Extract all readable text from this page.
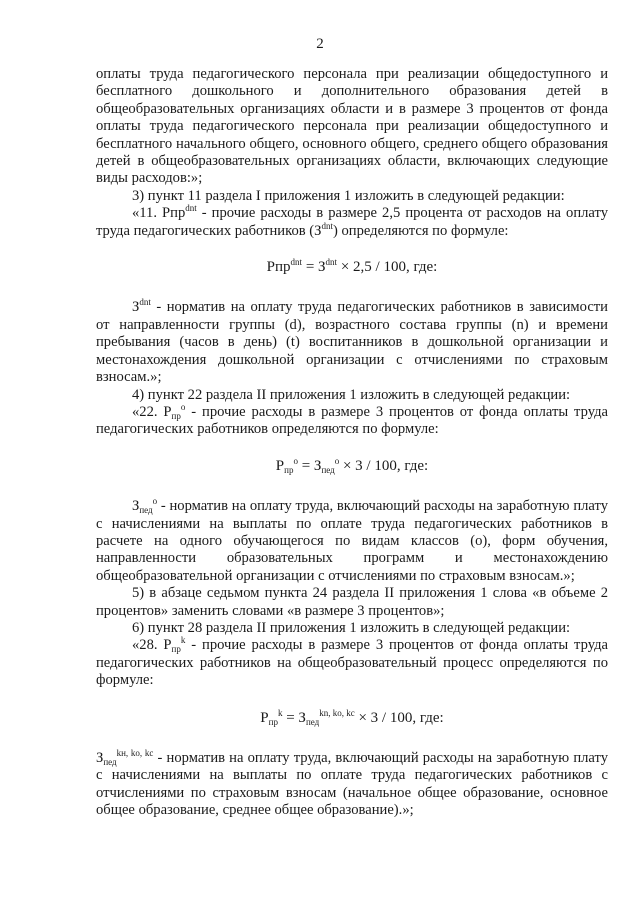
2

оплаты труда педагогического персонала при реализации общедоступного и бесплатного дошкольного и дополнительного образования детей в общеобразовательных организациях области и в размере 3 процентов от фонда оплаты труда педагогического персонала при реализации общедоступного и бесплатного начального общего, основного общего, среднего общего образования детей в общеобразовательных организациях области, включающих следующие виды расходов:»;

3) пункт 11 раздела I приложения 1 изложить в следующей редакции:

«11. Рпр$^{dnt}$ - прочие расходы в размере 2,5 процента от расходов на оплату труда педагогических работников $(З^{dnt})$ определяются по формуле:

$Рпр^{dnt} = З^{dnt} \times 2,5 / 100$, где:

$З^{dnt}$ - норматив на оплату труда педагогических работников в зависимости от направленности группы (d), возрастного состава группы (n) и времени пребывания (часов в день) (t) воспитанников в дошкольной организации и местонахождения дошкольной организации с отчислениями по страховым взносам.»;

4) пункт 22 раздела II приложения 1 изложить в следующей редакции:

«22. $Р_{пр}^о$ - прочие расходы в размере 3 процентов от фонда оплаты труда педагогических работников определяются по формуле:

$Р_{пр}^о = З_{пед}^о \times 3 / 100$, где:

$З_{пед}^о$ - норматив на оплату труда, включающий расходы на заработную плату с начислениями на выплаты по оплате труда педагогических работников в расчете на одного обучающегося по видам классов (о), форм обучения, направленности образовательных программ и местонахождению общеобразовательной организации с отчислениями по страховым взносам.»;

5) в абзаце седьмом пункта 24 раздела II приложения 1 слова «в объеме 2 процентов» заменить словами «в размере 3 процентов»;

6) пункт 28 раздела II приложения 1 изложить в следующей редакции:

«28. $Р_{пр}^k$ - прочие расходы в размере 3 процентов от фонда оплаты труда педагогических работников на общеобразовательный процесс определяются по формуле:

$Р_{пр}^k = З_{пед}^{kn, ko, kc} \times 3 / 100$, где:

$З_{пед}^{kн, ko, kc}$ - норматив на оплату труда, включающий расходы на заработную плату с начислениями на выплаты по оплате труда педагогических работников с отчислениями по страховым взносам (начальное общее образование, основное общее образование, среднее общее образование).»;
